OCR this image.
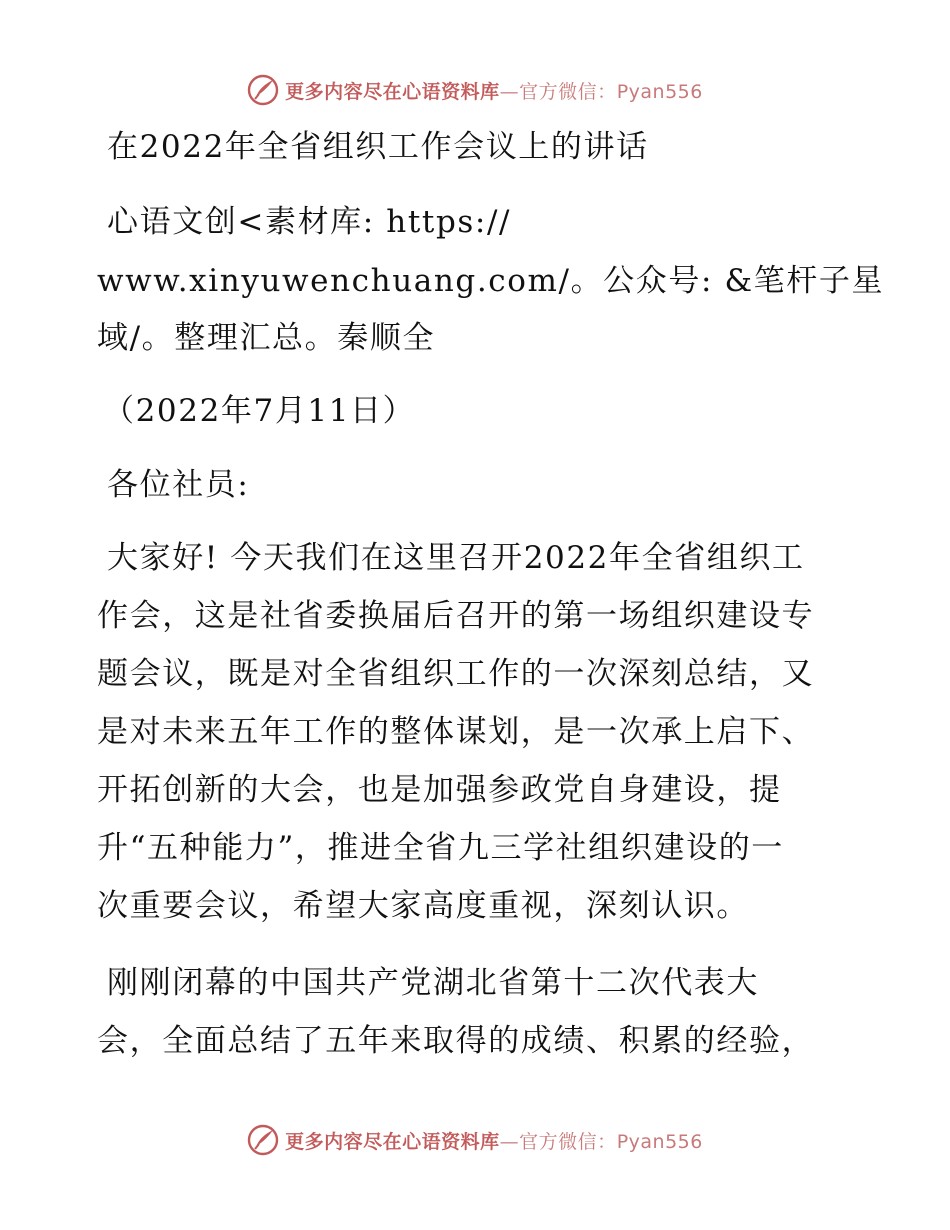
更多内容尽在心语资料库—官方微信：Pyan556
在2022年全省组织工作会议上的讲话
心语文创<素材库: https://
www.xinyuwenchuang.com/。公众号: &笔杆子星
域/。整理汇总。秦顺全
（2022年7月11日）
各位社员:
大家好! 今天我们在这里召开2022年全省组织工
作会，这是社省委换届后召开的第一场组织建设专
题会议，既是对全省组织工作的一次深刻总结，又
是对未来五年工作的整体谋划，是一次承上启下、
开拓创新的大会，也是加强参政党自身建设，提
升“五种能力”，推进全省九三学社组织建设的一
次重要会议，希望大家高度重视，深刻认识。
刚刚闭幕的中国共产党湖北省第十二次代表大
会，全面总结了五年来取得的成绩、积累的经验，
更多内容尽在心语资料库—官方微信：Pyan556
